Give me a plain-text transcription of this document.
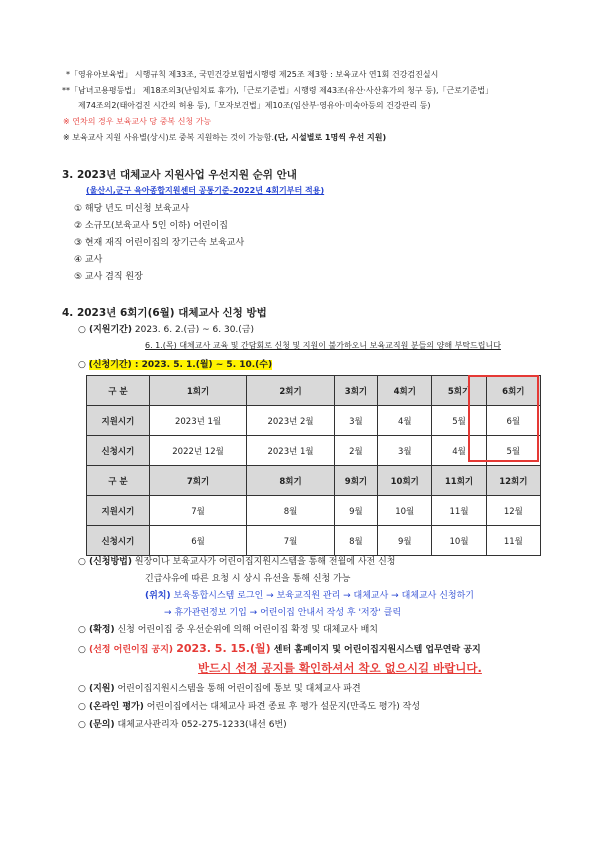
*「영유아보육법」 시행규칙 제33조, 국민건강보험법시행령 제25조 제3항 : 보육교사 연1회 건강검진실시
**「남녀고용평등법」 제18조의3(난임치료 휴가),「근로기준법」시행령 제43조(유산·사산휴가의 청구 등),「근로기준법」
제74조의2(태아검진 시간의 허용 등),「모자보건법」제10조(임산부·영유아·미숙아등의 건강관리 등)
※ 연차의 경우 보육교사 당 중복 신청 가능
※ 보육교사 지원 사유별(상시)로 중복 지원하는 것이 가능함.(단, 시설별로 1명씩 우선 지원)
3. 2023년 대체교사 지원사업 우선지원 순위 안내
(울산시,군구 육아종합지원센터 공통기준-2022년 4회기부터 적용)
① 해당 년도 미신청 보육교사
② 소규모(보육교사 5인 이하) 어린이집
③ 현재 재직 어린이집의 장기근속 보육교사
④ 교사
⑤ 교사 겸직 원장
4. 2023년 6회기(6월) 대체교사 신청 방법
○ (지원기간) 2023. 6. 2.(금) ~ 6. 30.(금)
6. 1.(목) 대체교사 교육 및 간담회로 신청 및 지원이 불가하오니 보육교직원 분들의 양해 부탁드립니다
○ (신청기간) : 2023. 5. 1.(월) ~ 5. 10.(수)
구 분	1회기	2회기	3회기	4회기	5회기	6회기
지원시기	2023년 1월	2023년 2월	3월	4월	5월	6월
신청시기	2022년 12월	2023년 1월	2월	3월	4월	5월
구 분	7회기	8회기	9회기	10회기	11회기	12회기
지원시기	7월	8월	9월	10월	11월	12월
신청시기	6월	7월	8월	9월	10월	11월
○ (신청방법) 원장이나 보육교사가 어린이집지원시스템을 통해 전월에 사전 신청
긴급사유에 따른 요청 시 상시 유선을 통해 신청 가능
(위치) 보육통합시스템 로그인 → 보육교직원 관리 → 대체교사 → 대체교사 신청하기
→ 휴가관련정보 기입 → 어린이집 안내서 작성 후 '저장' 클릭
○ (확정) 신청 어린이집 중 우선순위에 의해 어린이집 확정 및 대체교사 배치
○ (선정 어린이집 공지) 2023. 5. 15.(월) 센터 홈페이지 및 어린이집지원시스템 업무연락 공지
반드시 선정 공지를 확인하셔서 착오 없으시길 바랍니다.
○ (지원) 어린이집지원시스템을 통해 어린이집에 통보 및 대체교사 파견
○ (온라인 평가) 어린이집에서는 대체교사 파견 종료 후 평가 설문지(만족도 평가) 작성
○ (문의) 대체교사관리자 052-275-1233(내선 6번)
